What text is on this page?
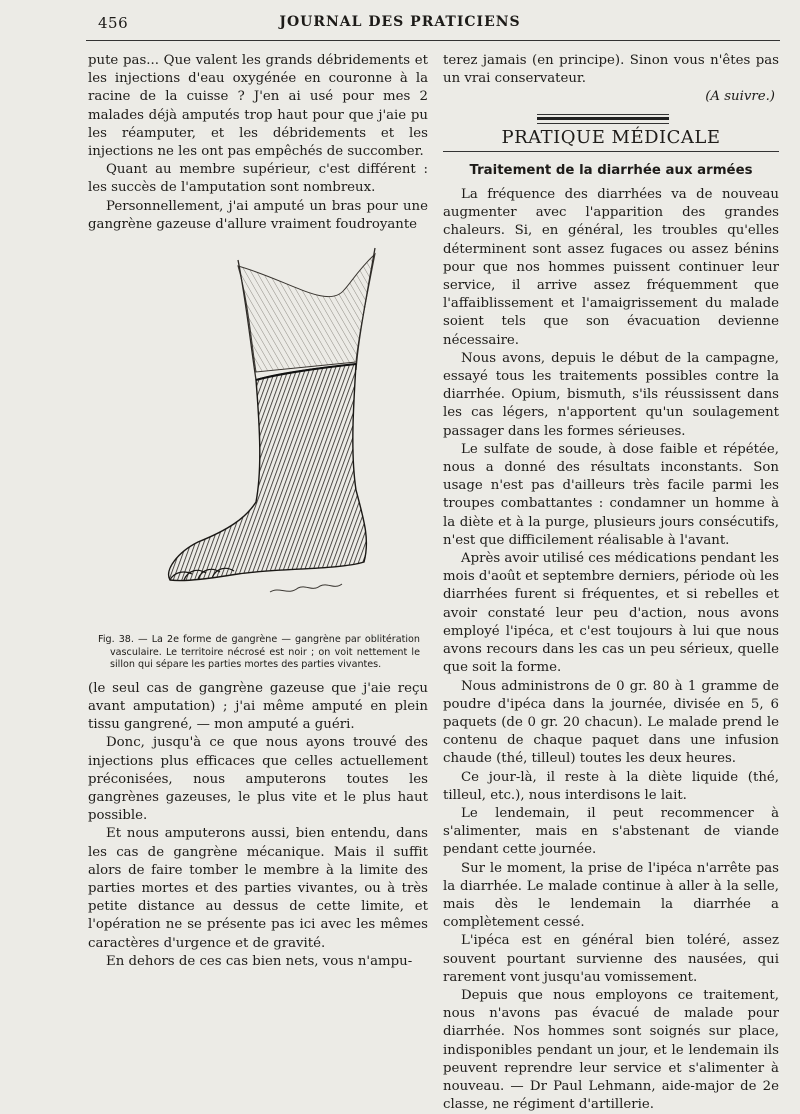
456	JOURNAL DES PRATICIENS

pute pas... Que valent les grands débridements et les injections d'eau oxygénée en couronne à la racine de la cuisse ? J'en ai usé pour mes 2 malades déjà amputés trop haut pour que j'aie pu les réamputer, et les débridements et les injections ne les ont pas empêchés de succomber.

Quant au membre supérieur, c'est différent : les succès de l'amputation sont nombreux.

Personnellement, j'ai amputé un bras pour une gangrène gazeuse d'allure vraiment foudroyante

Fig. 38. — La 2e forme de gangrène — gangrène par oblitération vasculaire. Le territoire nécrosé est noir ; on voit nettement le sillon qui sépare les parties mortes des parties vivantes.

(le seul cas de gangrène gazeuse que j'aie reçu avant amputation) ; j'ai même amputé en plein tissu gangrené, — mon amputé a guéri.

Donc, jusqu'à ce que nous ayons trouvé des injections plus efficaces que celles actuellement préconisées, nous amputerons toutes les gangrènes gazeuses, le plus vite et le plus haut possible.

Et nous amputerons aussi, bien entendu, dans les cas de gangrène mécanique. Mais il suffit alors de faire tomber le membre à la limite des parties mortes et des parties vivantes, ou à très petite distance au dessus de cette limite, et l'opération ne se présente pas ici avec les mêmes caractères d'urgence et de gravité.

En dehors de ces cas bien nets, vous n'ampu-

terez jamais (en principe). Sinon vous n'êtes pas un vrai conservateur.

(A suivre.)
PRATIQUE MÉDICALE
Traitement de la diarrhée aux armées

La fréquence des diarrhées va de nouveau augmenter avec l'apparition des grandes chaleurs. Si, en général, les troubles qu'elles déterminent sont assez fugaces ou assez bénins pour que nos hommes puissent continuer leur service, il arrive assez fréquemment que l'affaiblissement et l'amaigrissement du malade soient tels que son évacuation devienne nécessaire.

Nous avons, depuis le début de la campagne, essayé tous les traitements possibles contre la diarrhée. Opium, bismuth, s'ils réussissent dans les cas légers, n'apportent qu'un soulagement passager dans les formes sérieuses.

Le sulfate de soude, à dose faible et répétée, nous a donné des résultats inconstants. Son usage n'est pas d'ailleurs très facile parmi les troupes combattantes : condamner un homme à la diète et à la purge, plusieurs jours consécutifs, n'est que difficilement réalisable à l'avant.

Après avoir utilisé ces médications pendant les mois d'août et septembre derniers, période où les diarrhées furent si fréquentes, et si rebelles et avoir constaté leur peu d'action, nous avons employé l'ipéca, et c'est toujours à lui que nous avons recours dans les cas un peu sérieux, quelle que soit la forme.

Nous administrons de 0 gr. 80 à 1 gramme de poudre d'ipéca dans la journée, divisée en 5, 6 paquets (de 0 gr. 20 chacun). Le malade prend le contenu de chaque paquet dans une infusion chaude (thé, tilleul) toutes les deux heures.

Ce jour-là, il reste à la diète liquide (thé, tilleul, etc.), nous interdisons le lait.

Le lendemain, il peut recommencer à s'alimenter, mais en s'abstenant de viande pendant cette journée.

Sur le moment, la prise de l'ipéca n'arrête pas la diarrhée. Le malade continue à aller à la selle, mais dès le lendemain la diarrhée a complètement cessé.

L'ipéca est en général bien toléré, assez souvent pourtant survienne des nausées, qui rarement vont jusqu'au vomissement.

Depuis que nous employons ce traitement, nous n'avons pas évacué de malade pour diarrhée. Nos hommes sont soignés sur place, indisponibles pendant un jour, et le lendemain ils peuvent reprendre leur service et s'alimenter à nouveau. — Dr Paul Lehmann, aide-major de 2e classe, ne régiment d'artillerie.
